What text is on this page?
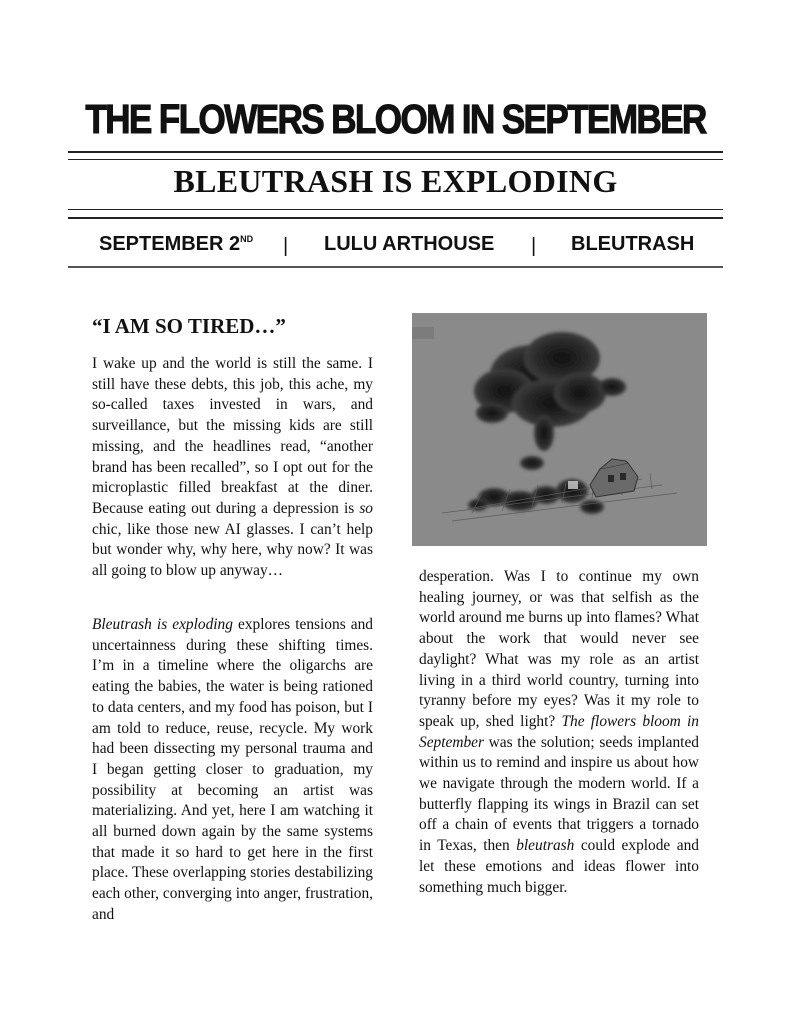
THE FLOWERS BLOOM IN SEPTEMBER
BLEUTRASH IS EXPLODING
SEPTEMBER 2ND | LULU ARTHOUSE | BLEUTRASH
“I AM SO TIRED…”

I wake up and the world is still the same. I still have these debts, this job, this ache, my so-called taxes invested in wars, and surveillance, but the missing kids are still missing, and the headlines read, “another brand has been recalled”, so I opt out for the microplastic filled breakfast at the diner. Because eating out during a depression is so chic, like those new AI glasses. I can’t help but wonder why, why here, why now? It was all going to blow up anyway…

Bleutrash is exploding explores tensions and uncertainness during these shifting times. I’m in a timeline where the oligarchs are eating the babies, the water is being rationed to data centers, and my food has poison, but I am told to reduce, reuse, recycle. My work had been dissecting my personal trauma and I began getting closer to graduation, my possibility at becoming an artist was materializing. And yet, here I am watching it all burned down again by the same systems that made it so hard to get here in the first place. These overlapping stories destabilizing each other, converging into anger, frustration, and

desperation. Was I to continue my own healing journey, or was that selfish as the world around me burns up into flames? What about the work that would never see daylight? What was my role as an artist living in a third world country, turning into tyranny before my eyes? Was it my role to speak up, shed light? The flowers bloom in September was the solution; seeds implanted within us to remind and inspire us about how we navigate through the modern world. If a butterfly flapping its wings in Brazil can set off a chain of events that triggers a tornado in Texas, then bleutrash could explode and let these emotions and ideas flower into something much bigger.
